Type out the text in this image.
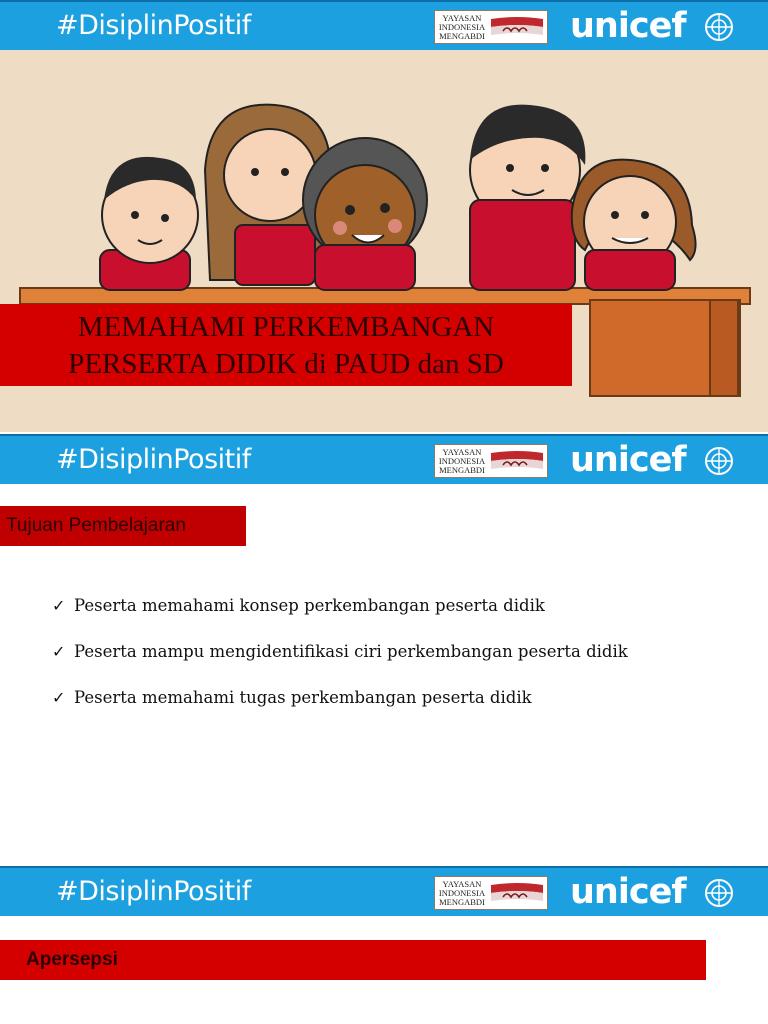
#DisiplinPositif	YAYASAN
INDONESIA
MENGABDI unicef
MEMAHAMI PERKEMBANGAN
PERSERTA DIDIK di PAUD dan SD
#DisiplinPositif	YAYASAN
INDONESIA
MENGABDI unicef
Tujuan Pembelajaran
✓ Peserta memahami konsep perkembangan peserta didik
✓ Peserta mampu mengidentifikasi ciri perkembangan peserta didik
✓ Peserta memahami tugas perkembangan peserta didik
#DisiplinPositif	YAYASAN
INDONESIA
MENGABDI unicef
Apersepsi
